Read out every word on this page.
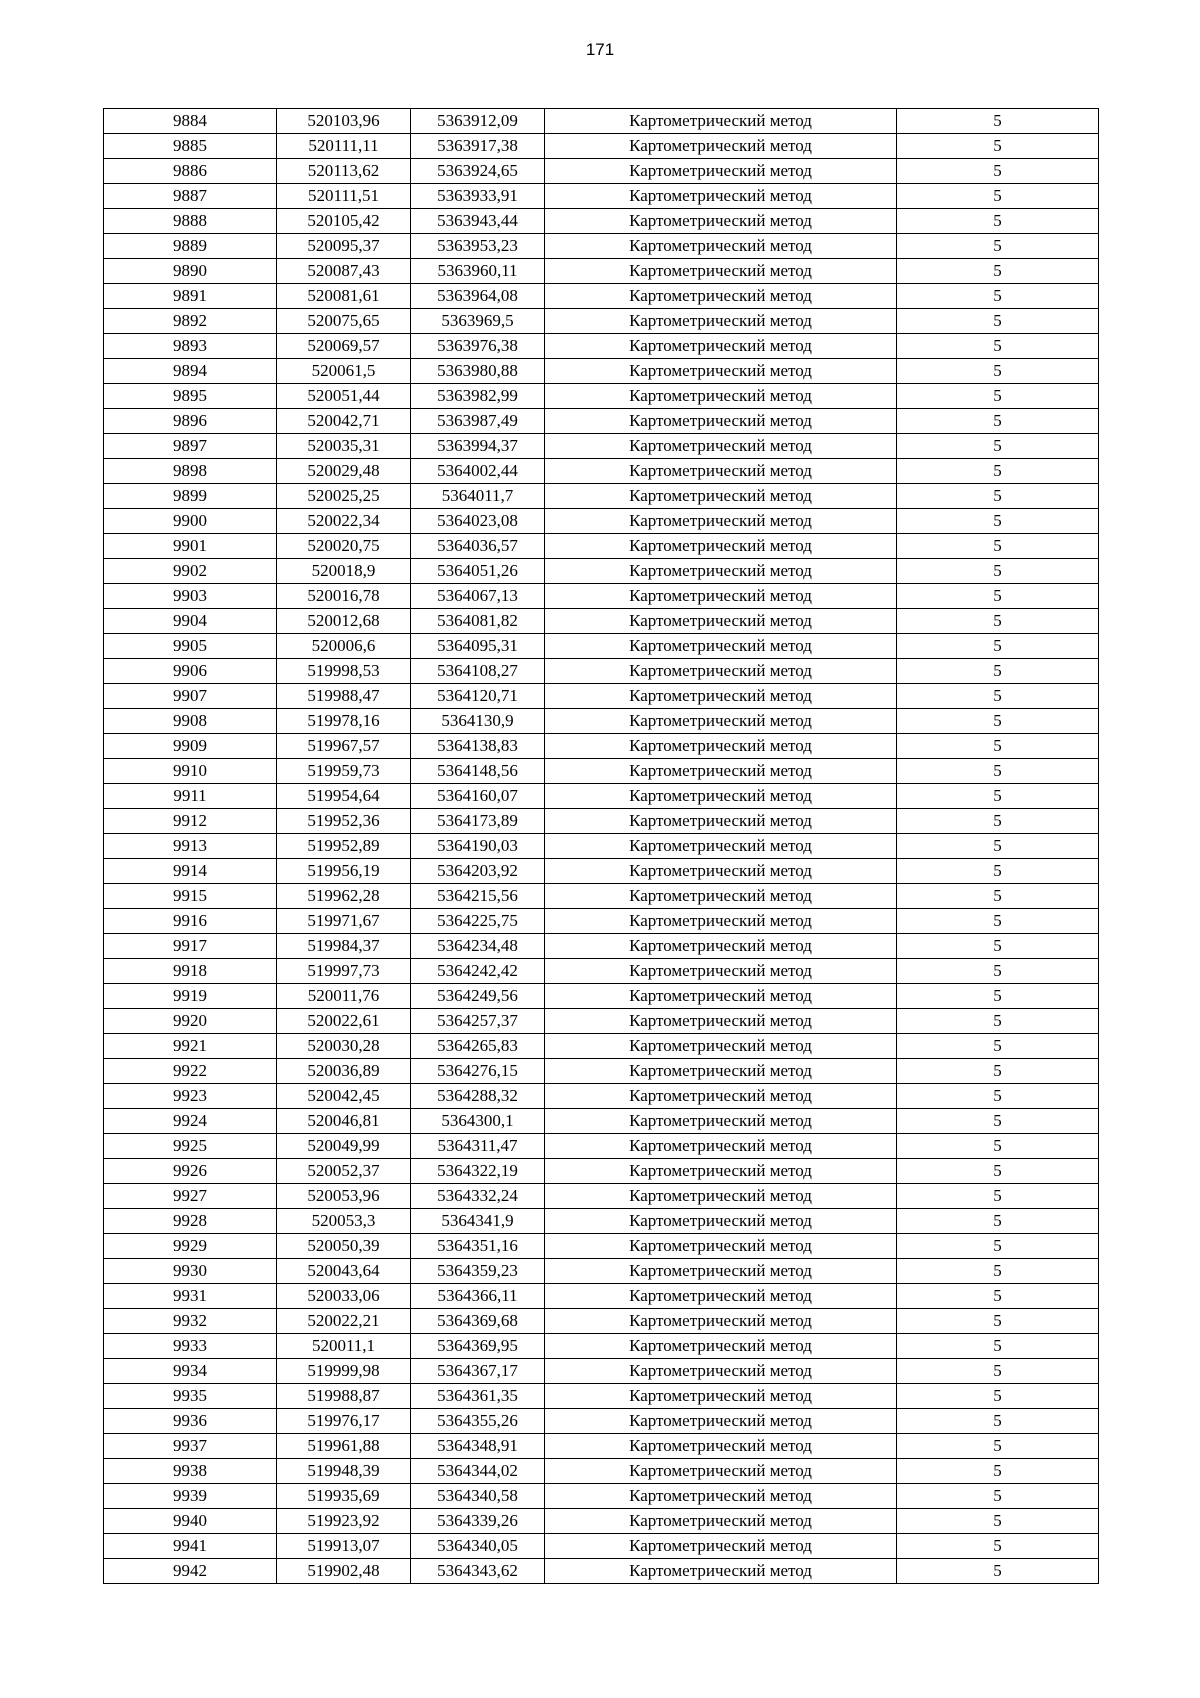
171
9884	520103,96	5363912,09	Картометрический метод	5
9885	520111,11	5363917,38	Картометрический метод	5
9886	520113,62	5363924,65	Картометрический метод	5
9887	520111,51	5363933,91	Картометрический метод	5
9888	520105,42	5363943,44	Картометрический метод	5
9889	520095,37	5363953,23	Картометрический метод	5
9890	520087,43	5363960,11	Картометрический метод	5
9891	520081,61	5363964,08	Картометрический метод	5
9892	520075,65	5363969,5	Картометрический метод	5
9893	520069,57	5363976,38	Картометрический метод	5
9894	520061,5	5363980,88	Картометрический метод	5
9895	520051,44	5363982,99	Картометрический метод	5
9896	520042,71	5363987,49	Картометрический метод	5
9897	520035,31	5363994,37	Картометрический метод	5
9898	520029,48	5364002,44	Картометрический метод	5
9899	520025,25	5364011,7	Картометрический метод	5
9900	520022,34	5364023,08	Картометрический метод	5
9901	520020,75	5364036,57	Картометрический метод	5
9902	520018,9	5364051,26	Картометрический метод	5
9903	520016,78	5364067,13	Картометрический метод	5
9904	520012,68	5364081,82	Картометрический метод	5
9905	520006,6	5364095,31	Картометрический метод	5
9906	519998,53	5364108,27	Картометрический метод	5
9907	519988,47	5364120,71	Картометрический метод	5
9908	519978,16	5364130,9	Картометрический метод	5
9909	519967,57	5364138,83	Картометрический метод	5
9910	519959,73	5364148,56	Картометрический метод	5
9911	519954,64	5364160,07	Картометрический метод	5
9912	519952,36	5364173,89	Картометрический метод	5
9913	519952,89	5364190,03	Картометрический метод	5
9914	519956,19	5364203,92	Картометрический метод	5
9915	519962,28	5364215,56	Картометрический метод	5
9916	519971,67	5364225,75	Картометрический метод	5
9917	519984,37	5364234,48	Картометрический метод	5
9918	519997,73	5364242,42	Картометрический метод	5
9919	520011,76	5364249,56	Картометрический метод	5
9920	520022,61	5364257,37	Картометрический метод	5
9921	520030,28	5364265,83	Картометрический метод	5
9922	520036,89	5364276,15	Картометрический метод	5
9923	520042,45	5364288,32	Картометрический метод	5
9924	520046,81	5364300,1	Картометрический метод	5
9925	520049,99	5364311,47	Картометрический метод	5
9926	520052,37	5364322,19	Картометрический метод	5
9927	520053,96	5364332,24	Картометрический метод	5
9928	520053,3	5364341,9	Картометрический метод	5
9929	520050,39	5364351,16	Картометрический метод	5
9930	520043,64	5364359,23	Картометрический метод	5
9931	520033,06	5364366,11	Картометрический метод	5
9932	520022,21	5364369,68	Картометрический метод	5
9933	520011,1	5364369,95	Картометрический метод	5
9934	519999,98	5364367,17	Картометрический метод	5
9935	519988,87	5364361,35	Картометрический метод	5
9936	519976,17	5364355,26	Картометрический метод	5
9937	519961,88	5364348,91	Картометрический метод	5
9938	519948,39	5364344,02	Картометрический метод	5
9939	519935,69	5364340,58	Картометрический метод	5
9940	519923,92	5364339,26	Картометрический метод	5
9941	519913,07	5364340,05	Картометрический метод	5
9942	519902,48	5364343,62	Картометрический метод	5
